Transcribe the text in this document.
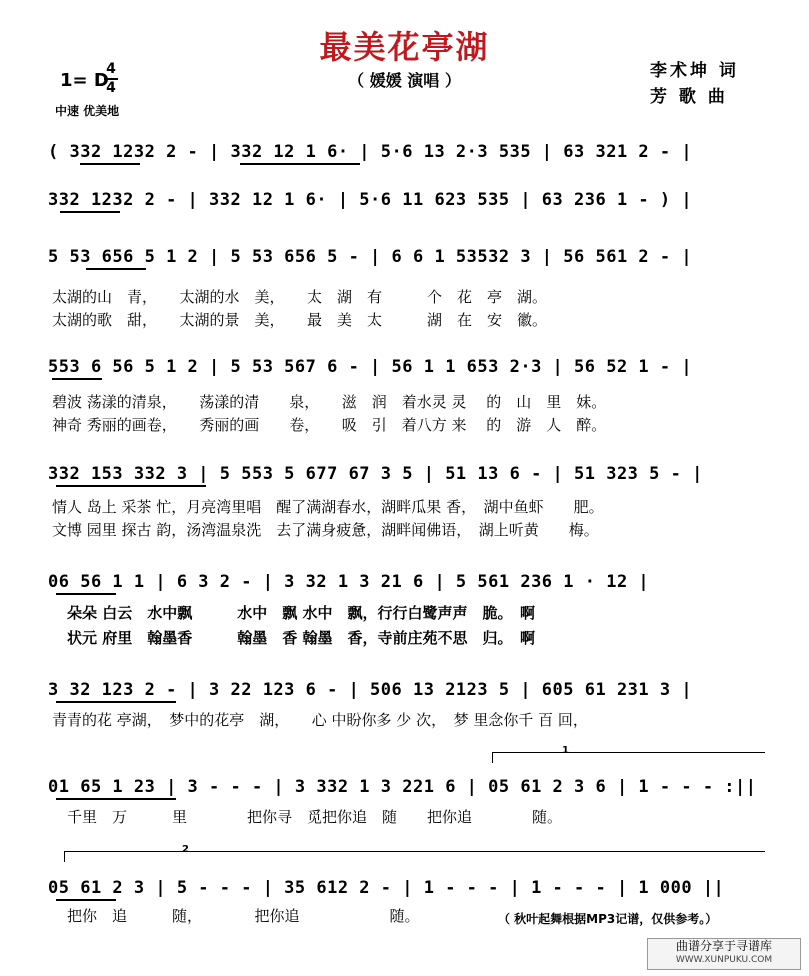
最美花亭湖
（ 媛媛 演唱 ）	李术坤 词
芳 歌 曲
1= D
4
4
中速 优美地
( 332 1232 2 - | 332 12 1 6· | 5·6 13 2·3 535 | 63 321 2 - |
332 1232 2 - | 332 12 1 6· | 5·6 11 623 535 | 63 236 1 - ) |
5 53 656 5 1 2 | 5 53 656 5 - | 6 6 1 53532 3 | 56 561 2 - |
太湖的山　青，　　太湖的水　美，　　太　湖　有　　　个　花　亭　湖。
太湖的歌　甜，　　太湖的景　美，　　最　美　太　　　湖　在　安　徽。
553 6 56 5 1 2 | 5 53 567 6 - | 56 1 1 653 2·3 | 56 52 1 - |
碧波 荡漾的清泉，　　荡漾的清　　泉，　　滋　润　着水灵 灵　 的　山　里　妹。
神奇 秀丽的画卷，　　秀丽的画　　卷，　　吸　引　着八方 来　 的　游　人　醉。
332 153 332 3 | 5 553 5 677 67 3 5 | 51 13 6 - | 51 323 5 - |
情人 岛上 采茶 忙，月亮湾里唱　醒了满湖春水，湖畔瓜果 香，　湖中鱼虾　　肥。
文博 园里 探古 韵，汤湾温泉洗　去了满身疲惫，湖畔闻佛语，　湖上听黄　　梅。
06 56 1 1 | 6 3 2 - | 3 32 1 3 21 6 | 5 561 236 1 · 12 |
　朵朵 白云　水中飘　　　水中　飘 水中　飘，行行白鹭声声　脆。　啊
　状元 府里　翰墨香　　　翰墨　香 翰墨　香，寺前庄苑不思　归。　啊
3 32 123 2 - | 3 22 123 6 - | 506 13 2123 5 | 605 61 231 3 |
青青的花 亭湖，　梦中的花亭　湖，　　心 中盼你多 少 次，　梦 里念你千 百 回，
1
01 65 1 23 | 3 - - - | 3 332 1 3 221 6 | 05 61 2 3 6 | 1 - - - :||
　千里　万　　　里　　　　把你寻　觅把你追　随　　把你追　　　　随。
2
05 61 2 3 | 5 - - - | 35 612 2 - | 1 - - - | 1 - - - | 1 000 ||
　把你　追　　　随，　　　　把你追　　　　　　随。	（ 秋叶起舞根据MP3记谱，仅供参考。）
曲谱分享于寻谱库
WWW.XUNPUKU.COM
